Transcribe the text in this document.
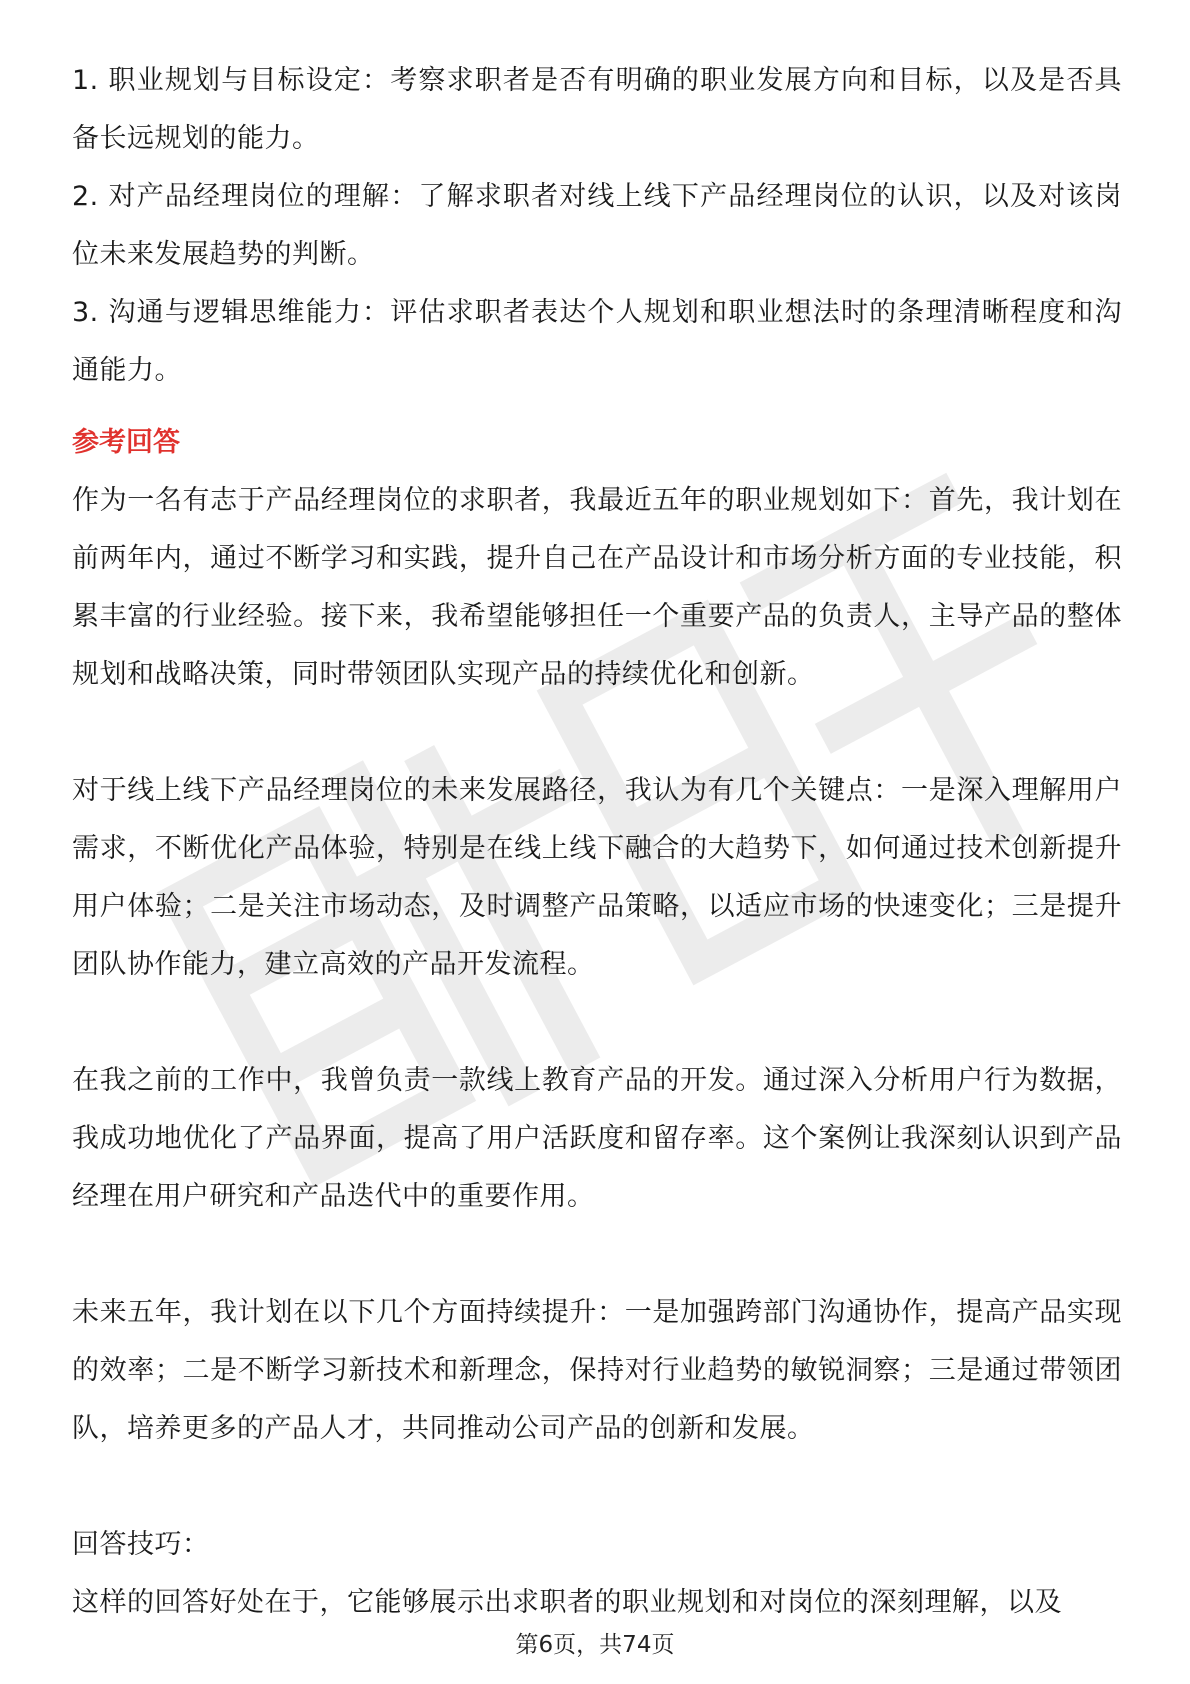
1. 职业规划与目标设定：考察求职者是否有明确的职业发展方向和目标，以及是否具备长远规划的能力。

2. 对产品经理岗位的理解：了解求职者对线上线下产品经理岗位的认识，以及对该岗位未来发展趋势的判断。

3. 沟通与逻辑思维能力：评估求职者表达个人规划和职业想法时的条理清晰程度和沟通能力。

参考回答

作为一名有志于产品经理岗位的求职者，我最近五年的职业规划如下：首先，我计划在前两年内，通过不断学习和实践，提升自己在产品设计和市场分析方面的专业技能，积累丰富的行业经验。接下来，我希望能够担任一个重要产品的负责人，主导产品的整体规划和战略决策，同时带领团队实现产品的持续优化和创新。

对于线上线下产品经理岗位的未来发展路径，我认为有几个关键点：一是深入理解用户需求，不断优化产品体验，特别是在线上线下融合的大趋势下，如何通过技术创新提升用户体验；二是关注市场动态，及时调整产品策略，以适应市场的快速变化；三是提升团队协作能力，建立高效的产品开发流程。

在我之前的工作中，我曾负责一款线上教育产品的开发。通过深入分析用户行为数据，我成功地优化了产品界面，提高了用户活跃度和留存率。这个案例让我深刻认识到产品经理在用户研究和产品迭代中的重要作用。

未来五年，我计划在以下几个方面持续提升：一是加强跨部门沟通协作，提高产品实现的效率；二是不断学习新技术和新理念，保持对行业趋势的敏锐洞察；三是通过带领团队，培养更多的产品人才，共同推动公司产品的创新和发展。

回答技巧：

这样的回答好处在于，它能够展示出求职者的职业规划和对岗位的深刻理解，以及

第6页，共74页
